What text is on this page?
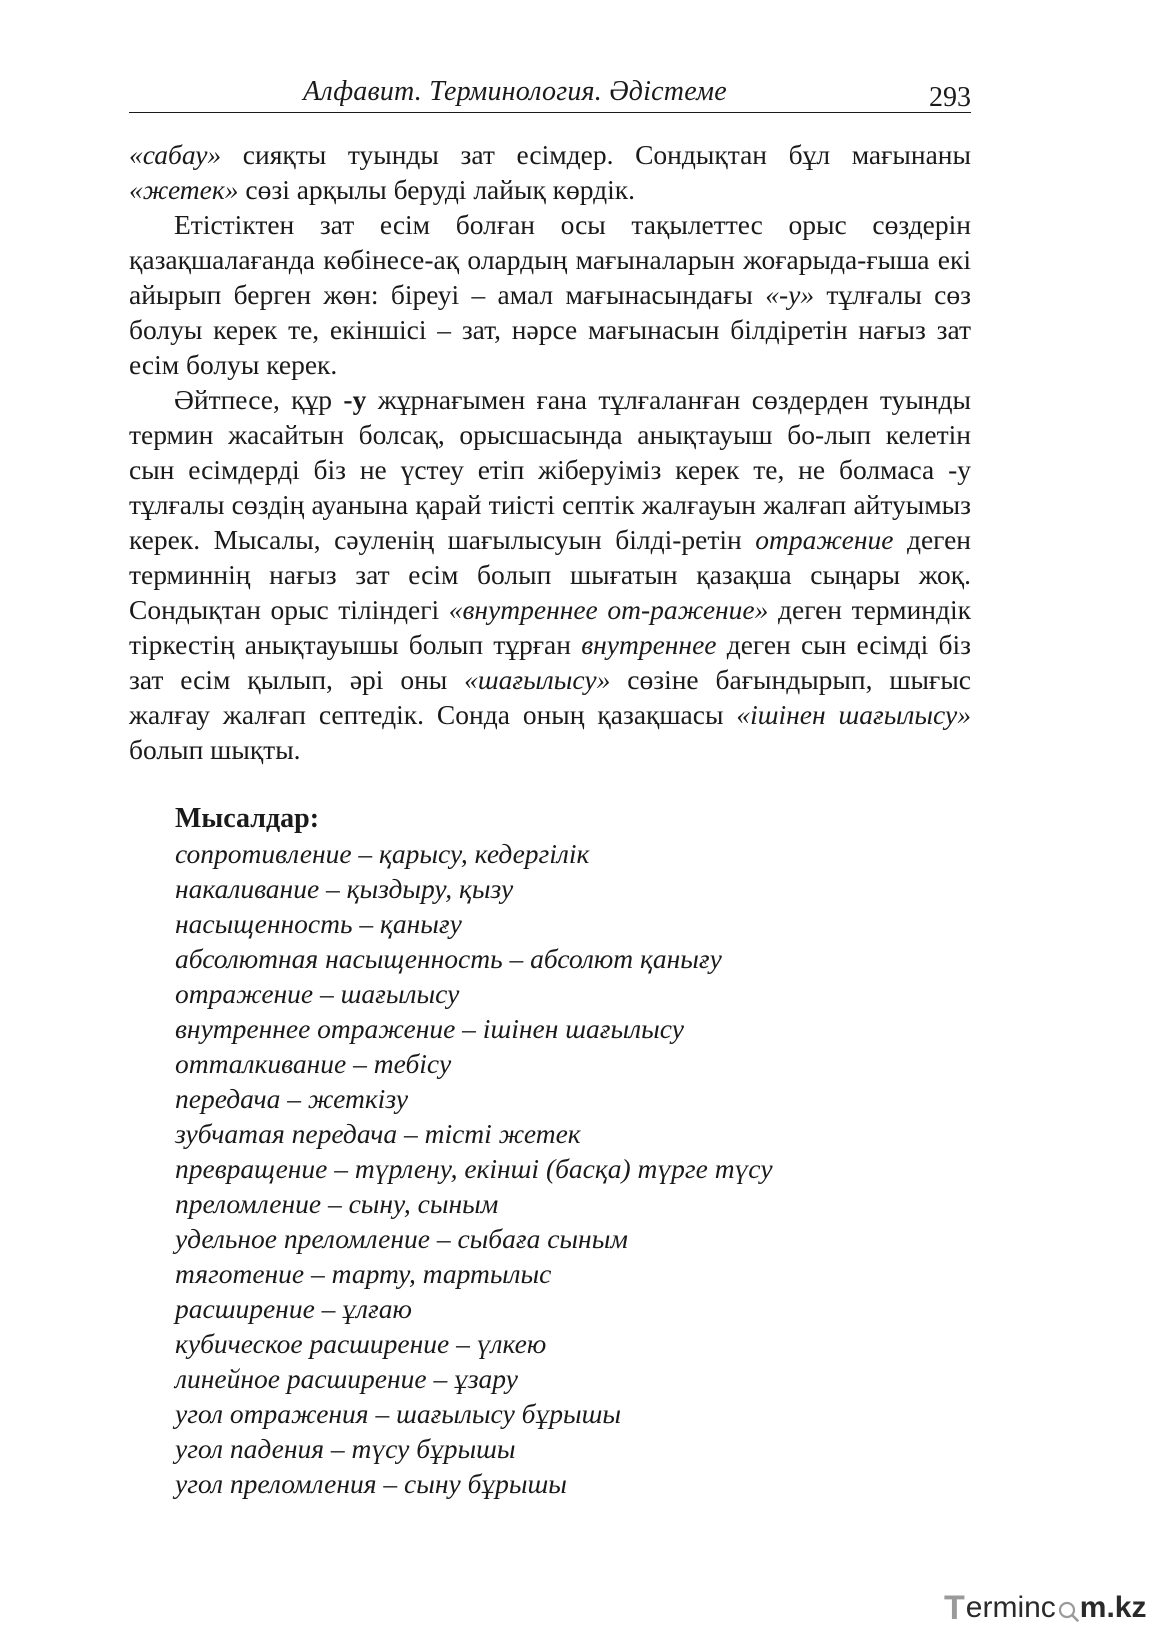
Алфавит. Терминология. Әдістеме	293

«сабау» сияқты туынды зат есімдер. Сондықтан бұл мағынаны «жетек» сөзі арқылы беруді лайық көрдік.

Етістіктен зат есім болған осы тақылеттес орыс сөздерін қазақшалағанда көбінесе-ақ олардың мағыналарын жоғарыда-ғыша екі айырып берген жөн: біреуі – амал мағынасындағы «-у» тұлғалы сөз болуы керек те, екіншісі – зат, нәрсе мағынасын білдіретін нағыз зат есім болуы керек.

Әйтпесе, құр -у жұрнағымен ғана тұлғаланған сөздерден туынды термин жасайтын болсақ, орысшасында анықтауыш бо-лып келетін сын есімдерді біз не үстеу етіп жіберуіміз керек те, не болмаса -у тұлғалы сөздің ауанына қарай тиісті септік жалғауын жалғап айтуымыз керек. Мысалы, сәуленің шағылысуын білді-ретін отражение деген терминнің нағыз зат есім болып шығатын қазақша сыңары жоқ. Сондықтан орыс тіліндегі «внутреннее от-ражение» деген терминдік тіркестің анықтауышы болып тұрған внутреннее деген сын есімді біз зат есім қылып, әрі оны «шағылысу» сөзіне бағындырып, шығыс жалғау жалғап септедік. Сонда оның қазақшасы «ішінен шағылысу» болып шықты.

Мысалдар:

сопротивление – қарысу, кедергілік
накаливание – қыздыру, қызу
насыщенность – қанығу
абсолютная насыщенность – абсолют қанығу
отражение – шағылысу
внутреннее отражение – ішінен шағылысу
отталкивание – тебісу
передача – жеткізу
зубчатая передача – тісті жетек
превращение – түрлену, екінші (басқа) түрге түсу
преломление – сыну, сыным
удельное преломление – сыбаға сыным
тяготение – тарту, тартылыс
расширение – ұлғаю
кубическое расширение – үлкею
линейное расширение – ұзару
угол отражения – шағылысу бұрышы
угол падения – түсу бұрышы
угол преломления – сыну бұрышы
T erminc m.kz
